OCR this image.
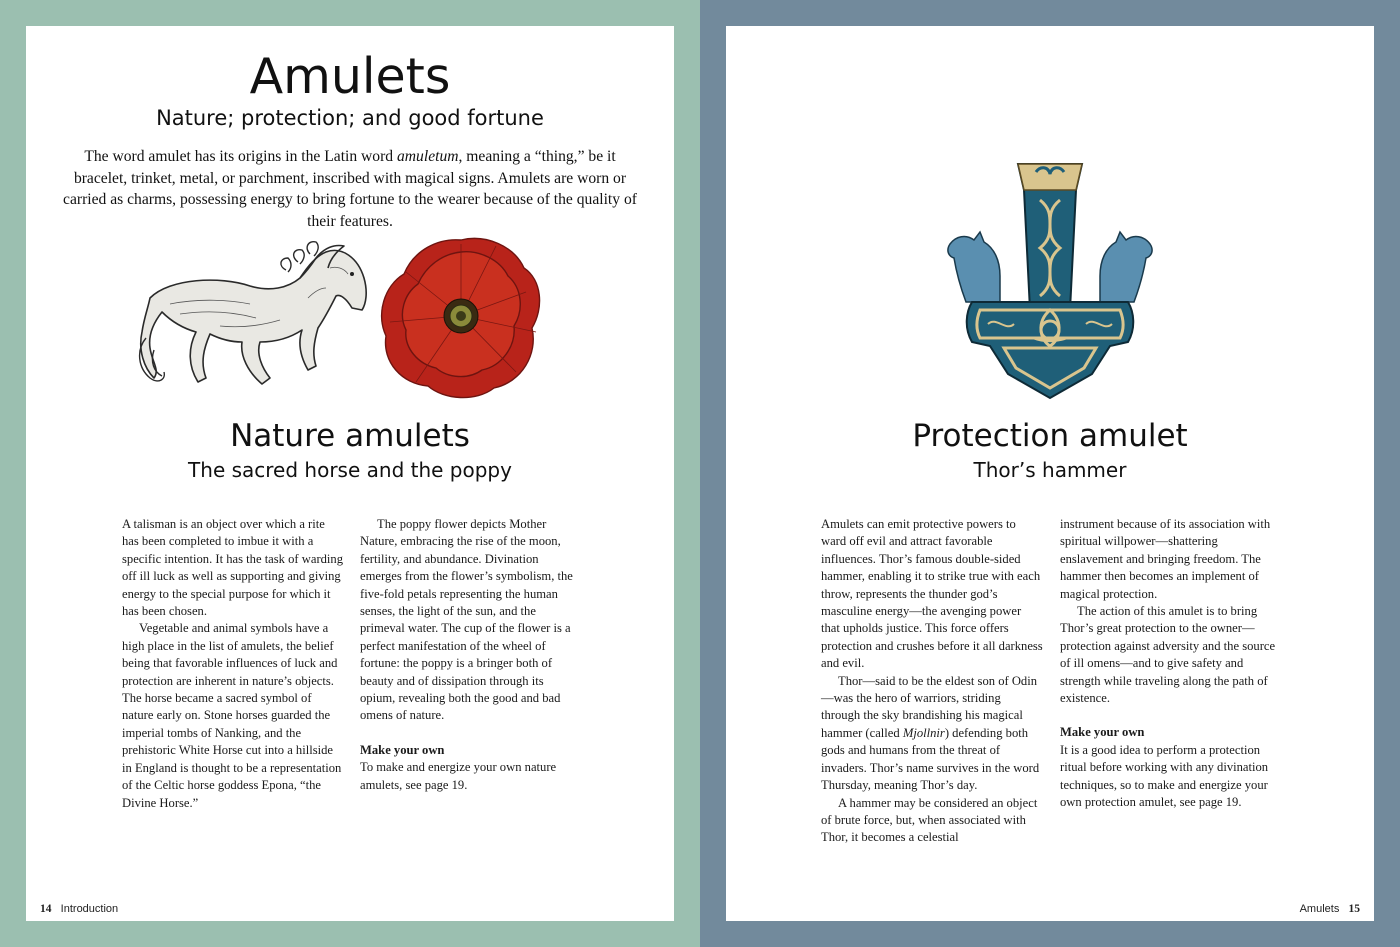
Amulets
Nature; protection; and good fortune
The word amulet has its origins in the Latin word amuletum, meaning a “thing,” be it bracelet, trinket, metal, or parchment, inscribed with magical signs. Amulets are worn or carried as charms, possessing energy to bring fortune to the wearer because of the quality of their features.
Nature amulets
The sacred horse and the poppy

A talisman is an object over which a rite has been completed to imbue it with a specific intention. It has the task of warding off ill luck as well as supporting and giving energy to the special purpose for which it has been chosen.

Vegetable and animal symbols have a high place in the list of amulets, the belief being that favorable influences of luck and protection are inherent in nature’s objects. The horse became a sacred symbol of nature early on. Stone horses guarded the imperial tombs of Nanking, and the prehistoric White Horse cut into a hillside in England is thought to be a representation of the Celtic horse goddess Epona, “the Divine Horse.”

The poppy flower depicts Mother Nature, embracing the rise of the moon, fertility, and abundance. Divination emerges from the flower’s symbolism, the five-fold petals representing the human senses, the light of the sun, and the primeval water. The cup of the flower is a perfect manifestation of the wheel of fortune: the poppy is a bringer both of beauty and of dissipation through its opium, revealing both the good and bad omens of nature.

Make your own

To make and energize your own nature amulets, see page 19.

14 Introduction
Protection amulet
Thor’s hammer

Amulets can emit protective powers to ward off evil and attract favorable influences. Thor’s famous double-sided hammer, enabling it to strike true with each throw, represents the thunder god’s masculine energy—the avenging power that upholds justice. This force offers protection and crushes before it all darkness and evil.

Thor—said to be the eldest son of Odin—was the hero of warriors, striding through the sky brandishing his magical hammer (called Mjollnir) defending both gods and humans from the threat of invaders. Thor’s name survives in the word Thursday, meaning Thor’s day.

A hammer may be considered an object of brute force, but, when associated with Thor, it becomes a celestial

instrument because of its association with spiritual willpower—shattering enslavement and bringing freedom. The hammer then becomes an implement of magical protection.

The action of this amulet is to bring Thor’s great protection to the owner—protection against adversity and the source of ill omens—and to give safety and strength while traveling along the path of existence.

Make your own

It is a good idea to perform a protection ritual before working with any divination techniques, so to make and energize your own protection amulet, see page 19.

Amulets 15
